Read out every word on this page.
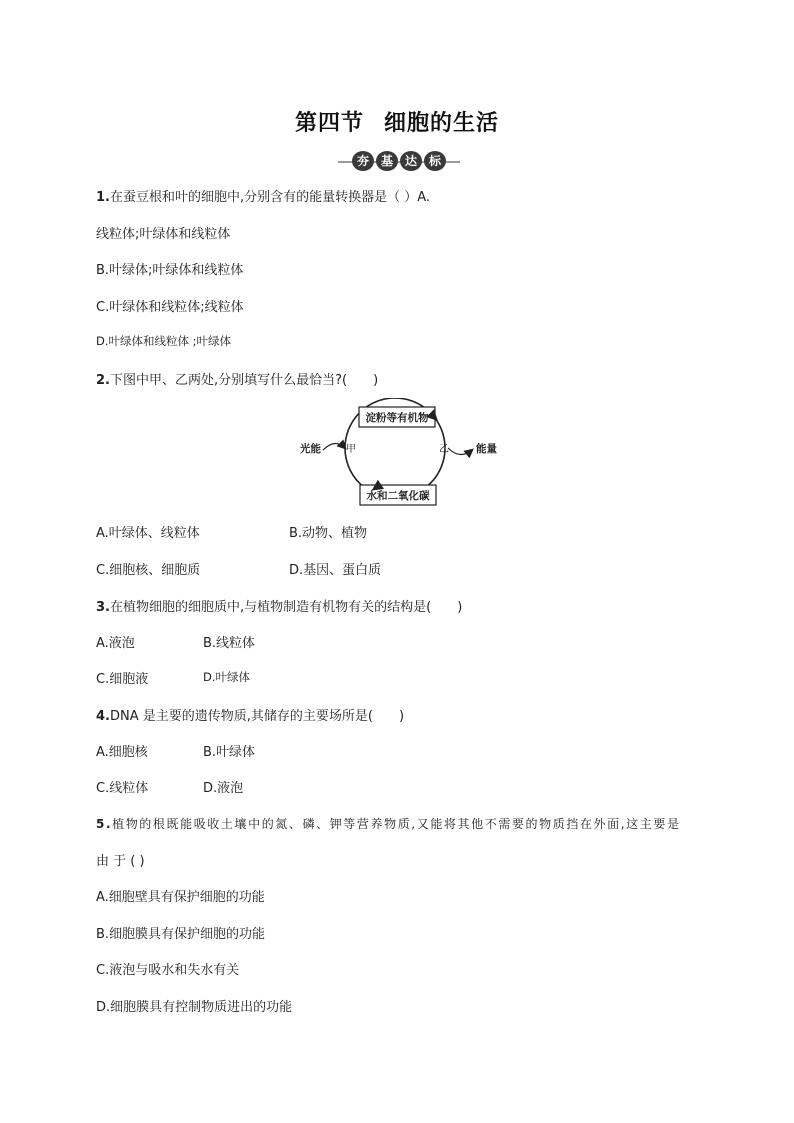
第四节 细胞的生活
夯 基 达 标
1.在蚕豆根和叶的细胞中,分别含有的能量转换器是（ ）A.
线粒体;叶绿体和线粒体
B.叶绿体;叶绿体和线粒体
C.叶绿体和线粒体;线粒体
D.叶绿体和线粒体 ;叶绿体
2.下图中甲、乙两处,分别填写什么最恰当?(　　)
淀粉等有机物
水和二氧化碳
甲	乙
光能	能量
A.叶绿体、线粒体	B.动物、植物
C.细胞核、细胞质	D.基因、蛋白质
3.在植物细胞的细胞质中,与植物制造有机物有关的结构是(　　)
A.液泡	B.线粒体
C.细胞液	D.叶绿体
4.DNA 是主要的遗传物质,其储存的主要场所是(　　)
A.细胞核	B.叶绿体
C.线粒体	D.液泡
5.植物的根既能吸收土壤中的氮、磷、钾等营养物质,又能将其他不需要的物质挡在外面,这主要是
由 于 ( )
A.细胞壁具有保护细胞的功能
B.细胞膜具有保护细胞的功能
C.液泡与吸水和失水有关
D.细胞膜具有控制物质进出的功能
